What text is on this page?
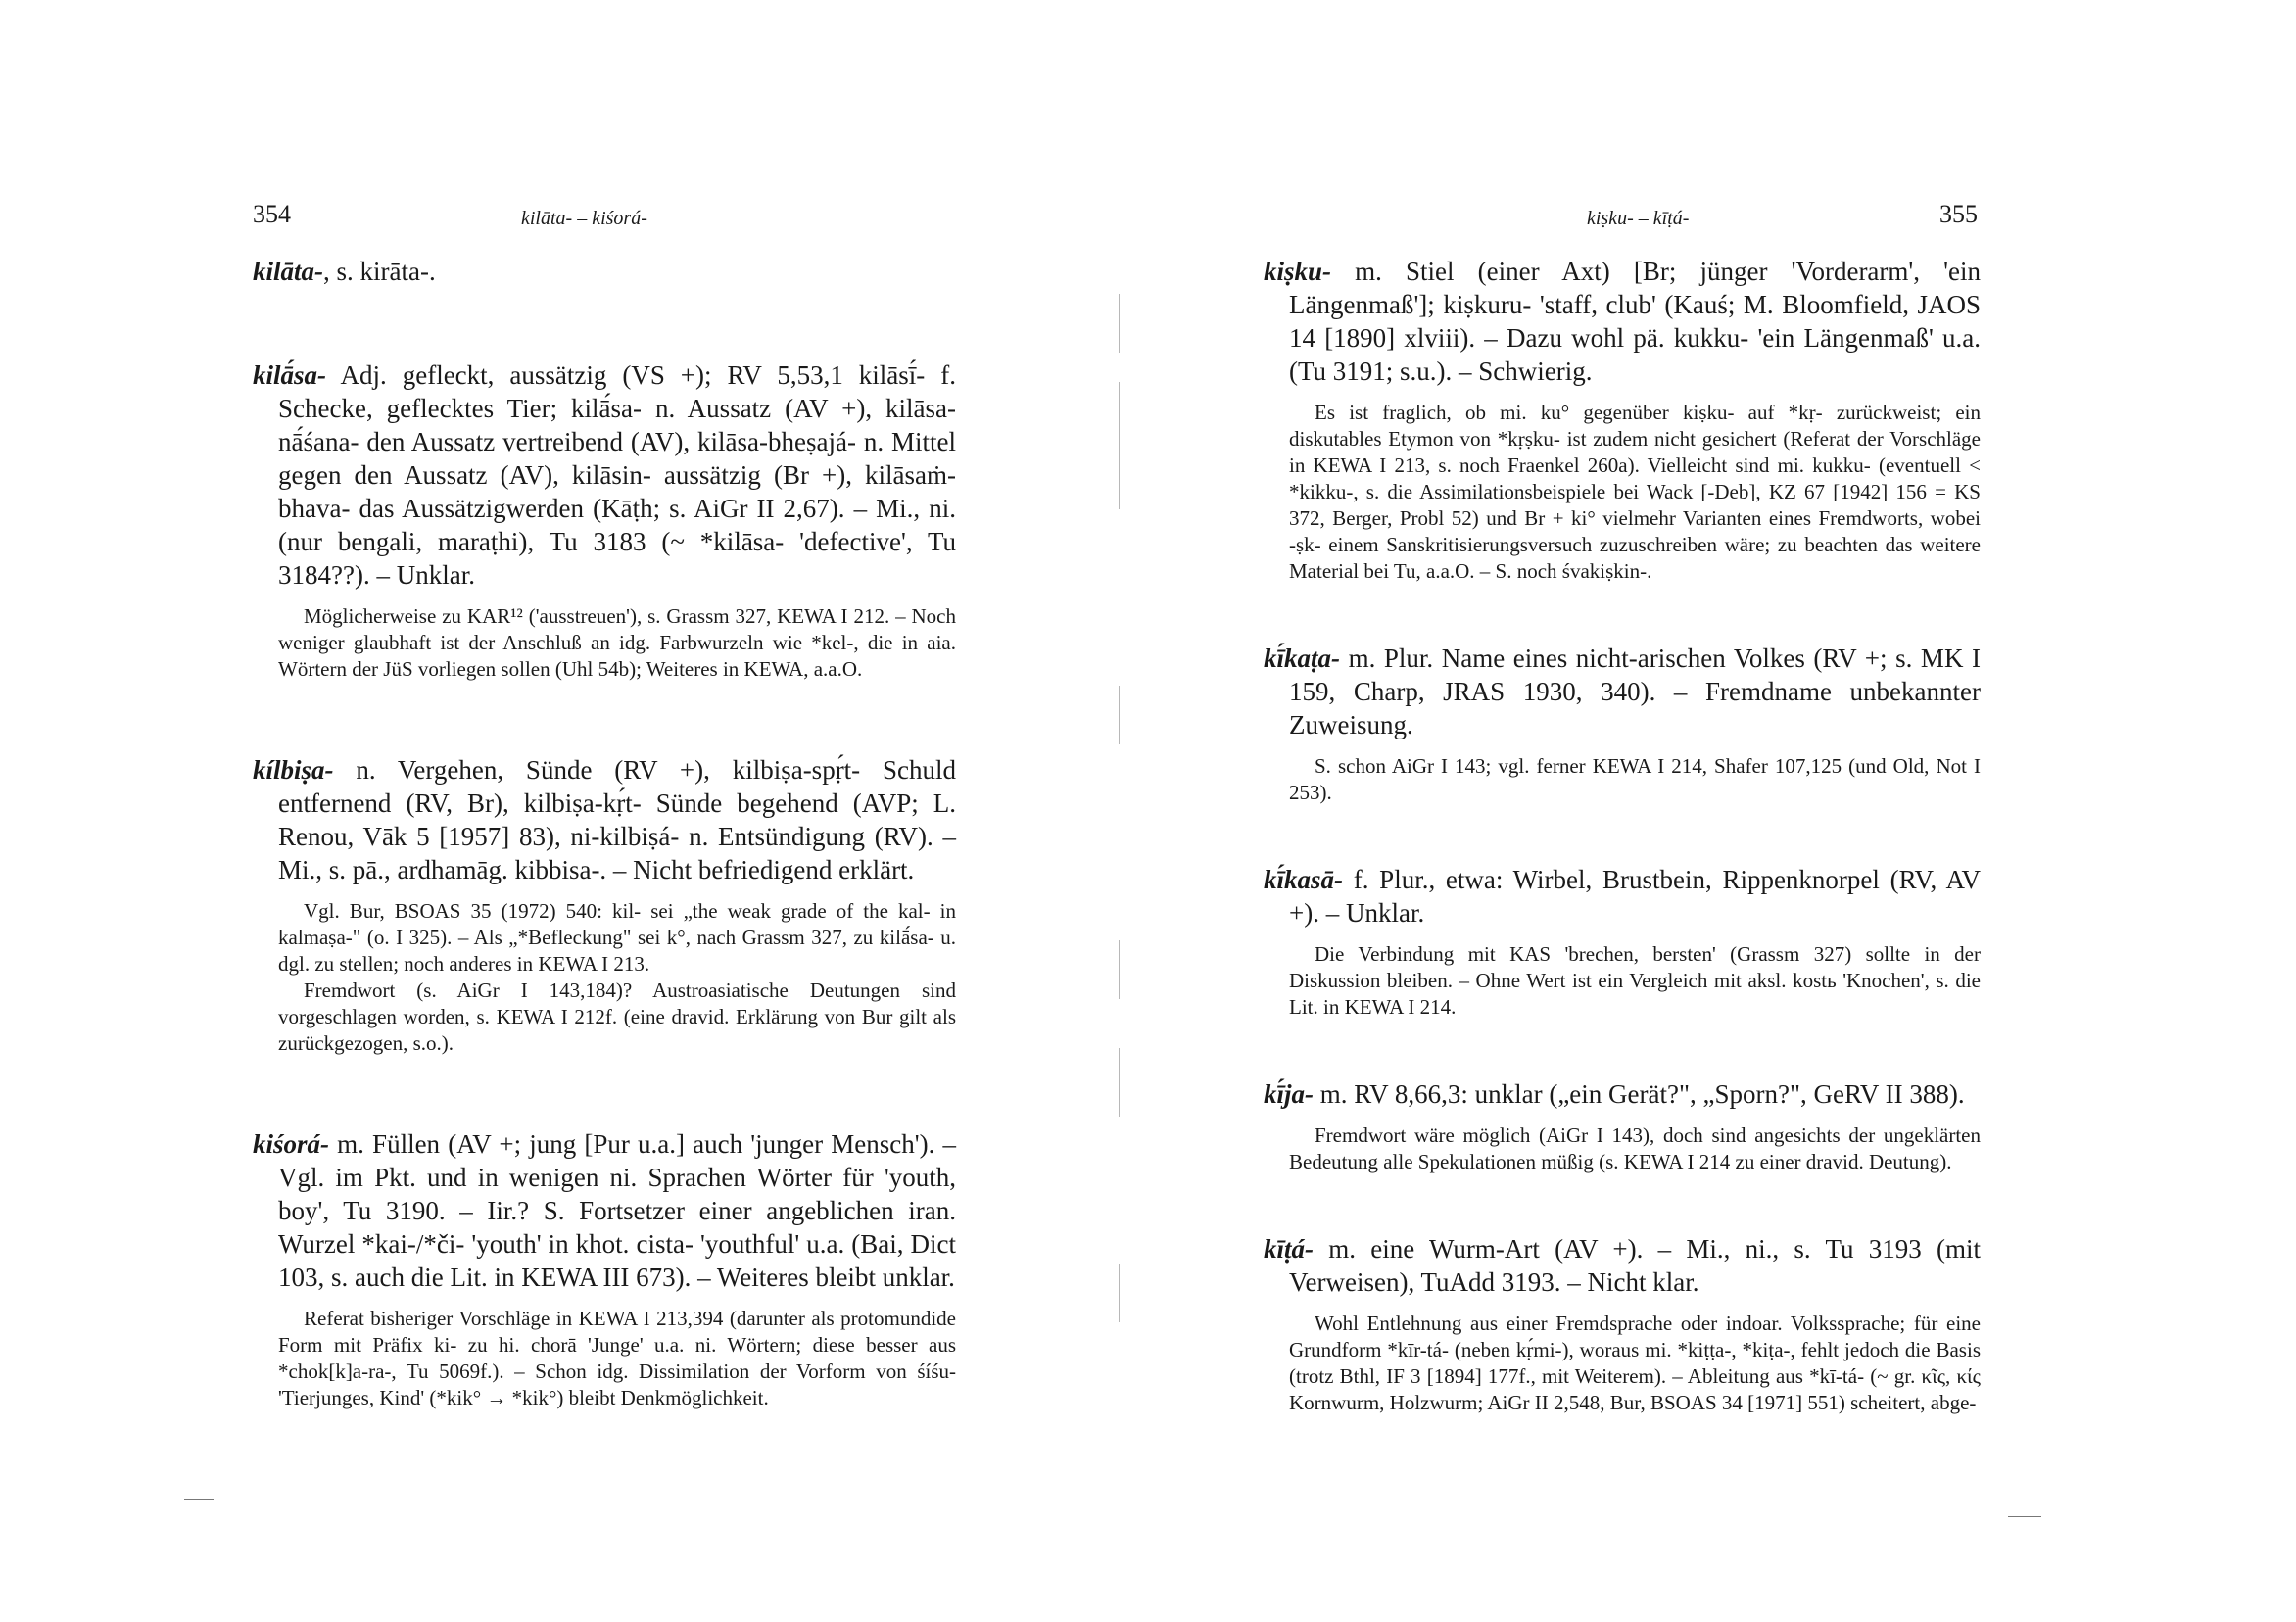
354	kilāta- – kiśorá-

kilāta-, s. kirāta-.

kilā́sa- Adj. gefleckt, aussätzig (VS +); RV 5,53,1 kilāsī́- f. Schecke, geflecktes Tier; kilā́sa- n. Aussatz (AV +), kilāsa-nā́śana- den Aussatz vertreibend (AV), kilāsa-bheṣajá- n. Mittel gegen den Aussatz (AV), kilāsin- aussätzig (Br +), kilāsaṁ-bhava- das Aussätzigwerden (Kāṭh; s. AiGr II 2,67). – Mi., ni. (nur bengali, maraṭhi), Tu 3183 (~ *kilāsa- 'defective', Tu 3184??). – Unklar.

Möglicherweise zu KAR¹² ('ausstreuen'), s. Grassm 327, KEWA I 212. – Noch weniger glaubhaft ist der Anschluß an idg. Farbwurzeln wie *kel-, die in aia. Wörtern der JüS vorliegen sollen (Uhl 54b); Weiteres in KEWA, a.a.O.

kílbiṣa- n. Vergehen, Sünde (RV +), kilbiṣa-spṛ́t- Schuld entfernend (RV, Br), kilbiṣa-kṛ́t- Sünde begehend (AVP; L. Renou, Vāk 5 [1957] 83), ni-kilbiṣá- n. Entsündigung (RV). – Mi., s. pā., ardhamāg. kibbisa-. – Nicht befriedigend erklärt.

Vgl. Bur, BSOAS 35 (1972) 540: kil- sei „the weak grade of the kal- in kalmaṣa-" (o. I 325). – Als „*Befleckung" sei k°, nach Grassm 327, zu kilā́sa- u. dgl. zu stellen; noch anderes in KEWA I 213.

Fremdwort (s. AiGr I 143,184)? Austroasiatische Deutungen sind vorgeschlagen worden, s. KEWA I 212f. (eine dravid. Erklärung von Bur gilt als zurückgezogen, s.o.).

kiśorá- m. Füllen (AV +; jung [Pur u.a.] auch 'junger Mensch'). – Vgl. im Pkt. und in wenigen ni. Sprachen Wörter für 'youth, boy', Tu 3190. – Iir.? S. Fortsetzer einer angeblichen iran. Wurzel *kai-/*či- 'youth' in khot. cista- 'youthful' u.a. (Bai, Dict 103, s. auch die Lit. in KEWA III 673). – Weiteres bleibt unklar.

Referat bisheriger Vorschläge in KEWA I 213,394 (darunter als protomundide Form mit Präfix ki- zu hi. chorā 'Junge' u.a. ni. Wörtern; diese besser aus *chok[k]a-ra-, Tu 5069f.). – Schon idg. Dissimilation der Vorform von śíśu- 'Tierjunges, Kind' (*kik° → *kik°) bleibt Denkmöglichkeit.

kiṣku- – kīṭá-	355

kiṣku- m. Stiel (einer Axt) [Br; jünger 'Vorderarm', 'ein Längenmaß']; kiṣkuru- 'staff, club' (Kauś; M. Bloomfield, JAOS 14 [1890] xlviii). – Dazu wohl pä. kukku- 'ein Längenmaß' u.a. (Tu 3191; s.u.). – Schwierig.

Es ist fraglich, ob mi. ku° gegenüber kiṣku- auf *kṛ- zurückweist; ein diskutables Etymon von *kṛṣku- ist zudem nicht gesichert (Referat der Vorschläge in KEWA I 213, s. noch Fraenkel 260a). Vielleicht sind mi. kukku- (eventuell < *kikku-, s. die Assimilationsbeispiele bei Wack [-Deb], KZ 67 [1942] 156 = KS 372, Berger, Probl 52) und Br + ki° vielmehr Varianten eines Fremdworts, wobei -ṣk- einem Sanskritisierungsversuch zuzuschreiben wäre; zu beachten das weitere Material bei Tu, a.a.O. – S. noch śvakiṣkin-.

kī́kaṭa- m. Plur. Name eines nicht-arischen Volkes (RV +; s. MK I 159, Charp, JRAS 1930, 340). – Fremdname unbekannter Zuweisung.

S. schon AiGr I 143; vgl. ferner KEWA I 214, Shafer 107,125 (und Old, Not I 253).

kī́kasā- f. Plur., etwa: Wirbel, Brustbein, Rippenknorpel (RV, AV +). – Unklar.

Die Verbindung mit KAS 'brechen, bersten' (Grassm 327) sollte in der Diskussion bleiben. – Ohne Wert ist ein Vergleich mit aksl. kostь 'Knochen', s. die Lit. in KEWA I 214.

kī́ja- m. RV 8,66,3: unklar („ein Gerät?", „Sporn?", GeRV II 388).

Fremdwort wäre möglich (AiGr I 143), doch sind angesichts der ungeklärten Bedeutung alle Spekulationen müßig (s. KEWA I 214 zu einer dravid. Deutung).

kīṭá- m. eine Wurm-Art (AV +). – Mi., ni., s. Tu 3193 (mit Verweisen), TuAdd 3193. – Nicht klar.

Wohl Entlehnung aus einer Fremdsprache oder indoar. Volkssprache; für eine Grundform *kīr-tá- (neben kṛ́mi-), woraus mi. *kiṭṭa-, *kiṭa-, fehlt jedoch die Basis (trotz Bthl, IF 3 [1894] 177f., mit Weiterem). – Ableitung aus *kī-tá- (~ gr. κῖς, κίς Kornwurm, Holzwurm; AiGr II 2,548, Bur, BSOAS 34 [1971] 551) scheitert, abge-
